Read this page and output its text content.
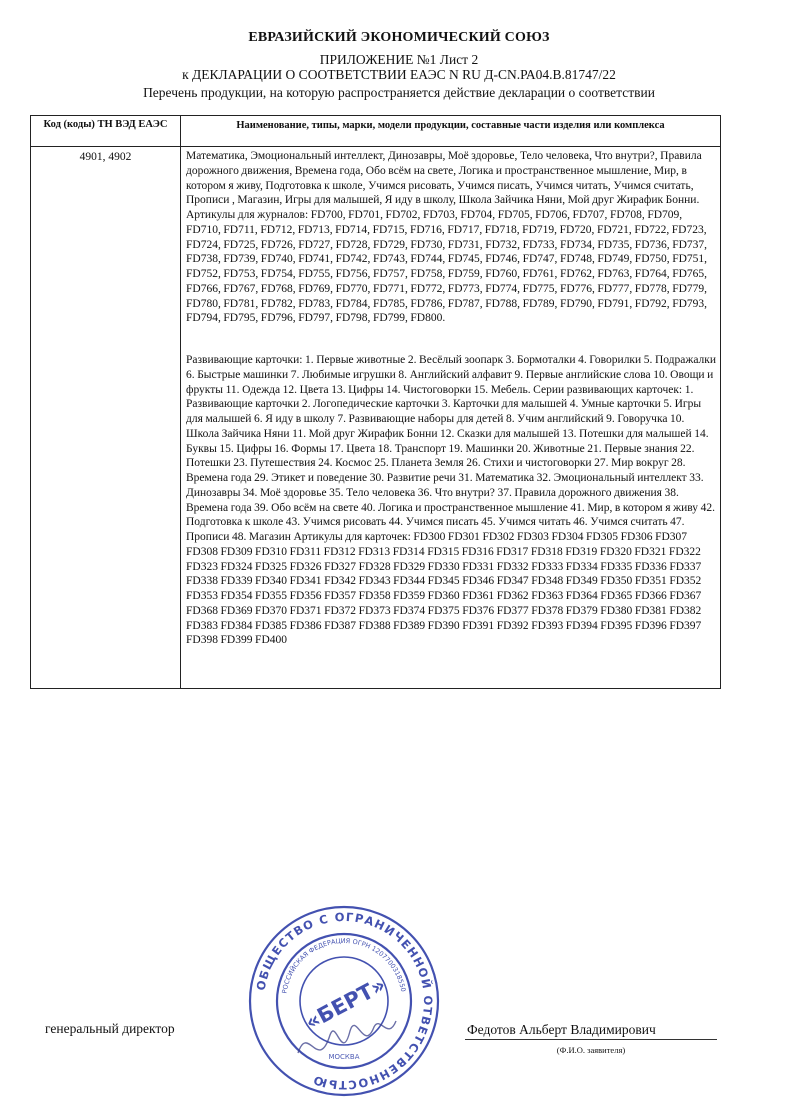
ЕВРАЗИЙСКИЙ ЭКОНОМИЧЕСКИЙ СОЮЗ
ПРИЛОЖЕНИЕ №1 Лист 2
к ДЕКЛАРАЦИИ О СООТВЕТСТВИИ ЕАЭС N RU Д-CN.РА04.В.81747/22
Перечень продукции, на которую распространяется действие декларации о соответствии
Код (коды) ТН ВЭД ЕАЭС	Наименование, типы, марки, модели продукции, составные части изделия или комплекса
4901, 4902	Математика, Эмоциональный интеллект, Динозавры, Моё здоровье, Тело человека, Что внутри?, Правила дорожного движения, Времена года, Обо всём на свете, Логика и пространственное мышление, Мир, в котором я живу, Подготовка к школе, Учимся рисовать, Учимся писать, Учимся читать, Учимся считать, Прописи , Магазин, Игры для малышей, Я иду в школу, Школа Зайчика Няни, Мой друг Жирафик Бонни. Артикулы для журналов: FD700, FD701, FD702, FD703, FD704, FD705, FD706, FD707, FD708, FD709, FD710, FD711, FD712, FD713, FD714, FD715, FD716, FD717, FD718, FD719, FD720, FD721, FD722, FD723, FD724, FD725, FD726, FD727, FD728, FD729, FD730, FD731, FD732, FD733, FD734, FD735, FD736, FD737, FD738, FD739, FD740, FD741, FD742, FD743, FD744, FD745, FD746, FD747, FD748, FD749, FD750, FD751, FD752, FD753, FD754, FD755, FD756, FD757, FD758, FD759, FD760, FD761, FD762, FD763, FD764, FD765, FD766, FD767, FD768, FD769, FD770, FD771, FD772, FD773, FD774, FD775, FD776, FD777, FD778, FD779, FD780, FD781, FD782, FD783, FD784, FD785, FD786, FD787, FD788, FD789, FD790, FD791, FD792, FD793, FD794, FD795, FD796, FD797, FD798, FD799, FD800.

Развивающие карточки: 1. Первые животные 2. Весёлый зоопарк 3. Бормоталки 4. Говорилки 5. Подражалки 6. Быстрые машинки 7. Любимые игрушки 8. Английский алфавит 9. Первые английские слова 10. Овощи и фрукты 11. Одежда 12. Цвета 13. Цифры 14. Чистоговорки 15. Мебель. Серии развивающих карточек: 1. Развивающие карточки 2. Логопедические карточки 3. Карточки для малышей 4. Умные карточки 5. Игры для малышей 6. Я иду в школу 7. Развивающие наборы для детей 8. Учим английский 9. Говоручка 10. Школа Зайчика Няни 11. Мой друг Жирафик Бонни 12. Сказки для малышей 13. Потешки для малышей 14. Буквы 15. Цифры 16. Формы 17. Цвета 18. Транспорт 19. Машинки 20. Животные 21. Первые знания 22. Потешки 23. Путешествия 24. Космос 25. Планета Земля 26. Стихи и чистоговорки 27. Мир вокруг 28. Времена года 29. Этикет и поведение 30. Развитие речи 31. Математика 32. Эмоциональный интеллект 33. Динозавры 34. Моё здоровье 35. Тело человека 36. Что внутри? 37. Правила дорожного движения 38. Времена года 39. Обо всём на свете 40. Логика и пространственное мышление 41. Мир, в котором я живу 42. Подготовка к школе 43. Учимся рисовать 44. Учимся писать 45. Учимся читать 46. Учимся считать 47. Прописи 48. Магазин Артикулы для карточек: FD300 FD301 FD302 FD303 FD304 FD305 FD306 FD307 FD308 FD309 FD310 FD311 FD312 FD313 FD314 FD315 FD316 FD317 FD318 FD319 FD320 FD321 FD322 FD323 FD324 FD325 FD326 FD327 FD328 FD329 FD330 FD331 FD332 FD333 FD334 FD335 FD336 FD337 FD338 FD339 FD340 FD341 FD342 FD343 FD344 FD345 FD346 FD347 FD348 FD349 FD350 FD351 FD352 FD353 FD354 FD355 FD356 FD357 FD358 FD359 FD360 FD361 FD362 FD363 FD364 FD365 FD366 FD367 FD368 FD369 FD370 FD371 FD372 FD373 FD374 FD375 FD376 FD377 FD378 FD379 FD380 FD381 FD382 FD383 FD384 FD385 FD386 FD387 FD388 FD389 FD390 FD391 FD392 FD393 FD394 FD395 FD396 FD397 FD398 FD399 FD400

генеральный директор	Федотов Альберт Владимирович
(Ф.И.О. заявителя)
ОБЩЕСТВО С ОГРАНИЧЕННОЙ ОТВЕТСТВЕННОСТЬЮ
РОССИЙСКАЯ ФЕДЕРАЦИЯ ОГРН 1207700318550
«БЕРТ»
МОСКВА
